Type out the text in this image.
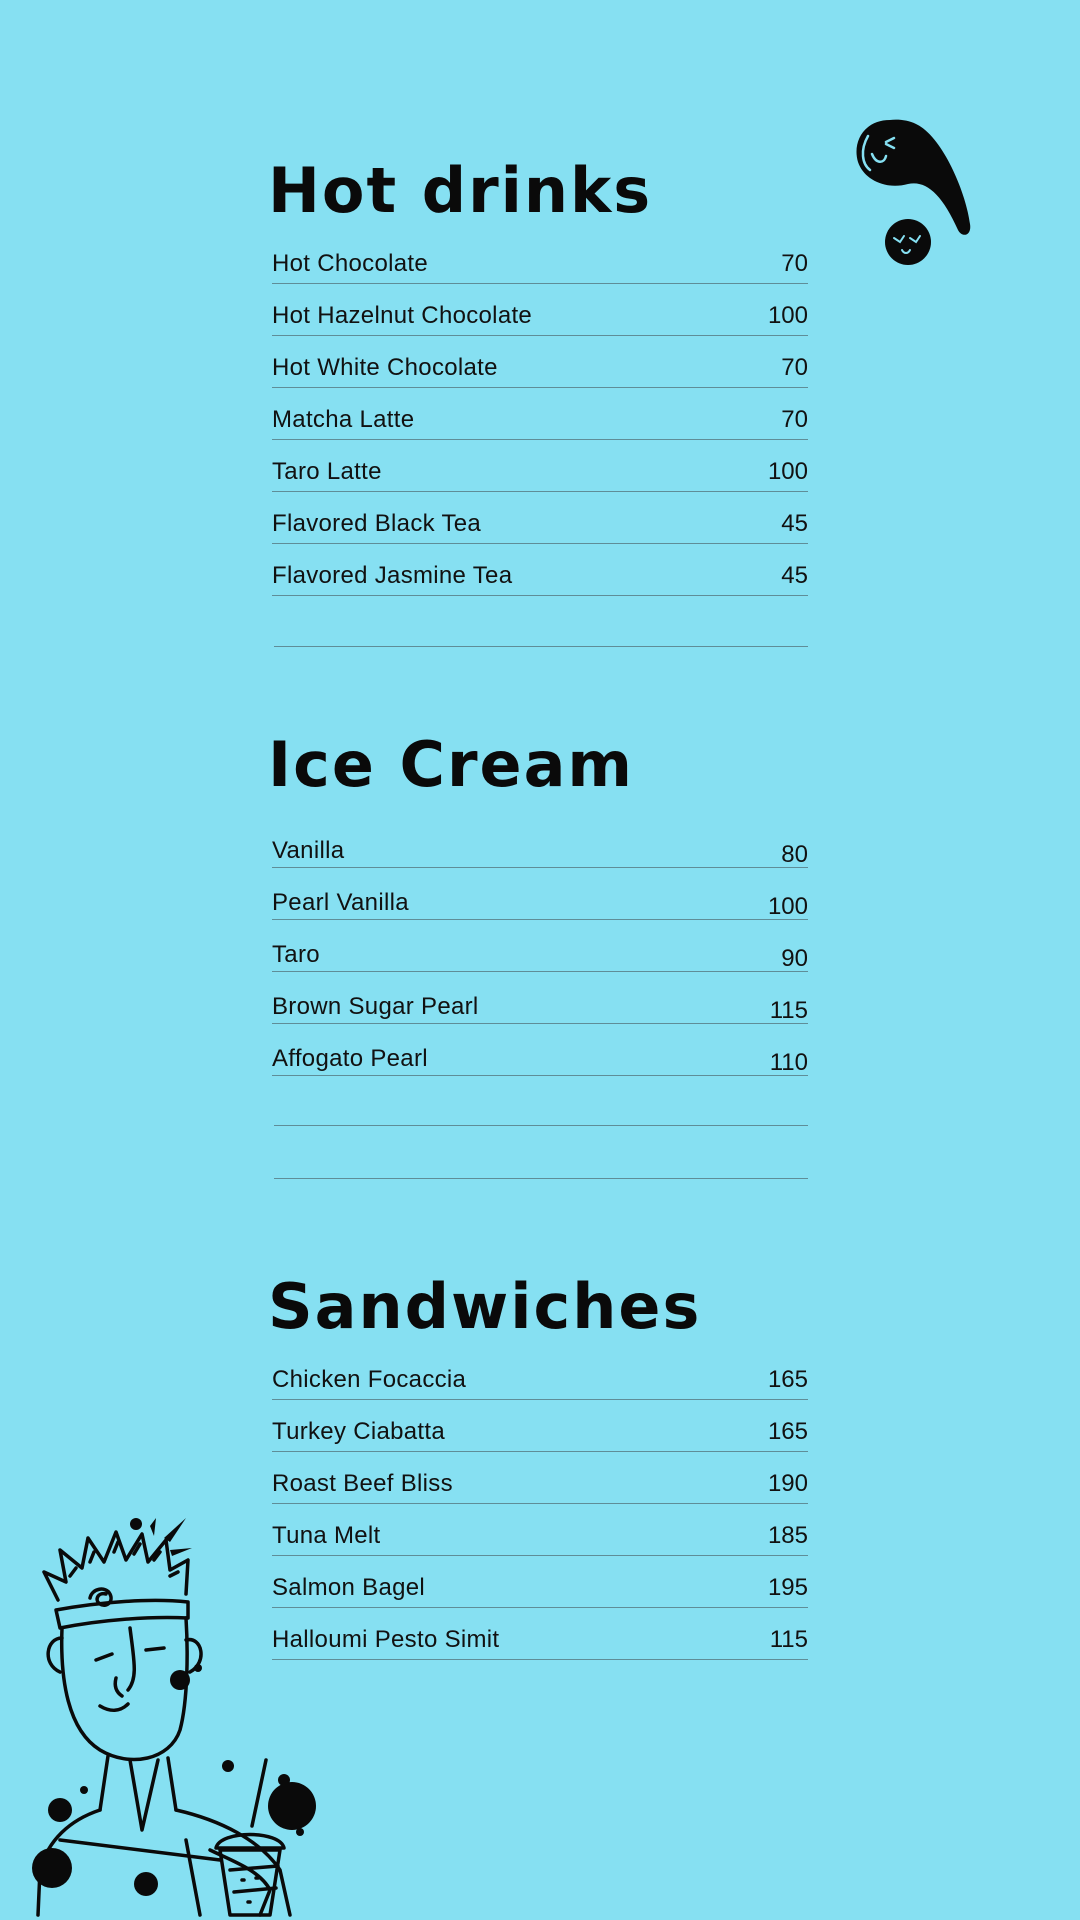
Hot drinks
Hot Chocolate	70
Hot Hazelnut Chocolate	100
Hot White Chocolate	70
Matcha Latte	70
Taro Latte	100
Flavored Black Tea	45
Flavored Jasmine Tea	45
Ice Cream
Vanilla	80
Pearl Vanilla	100
Taro	90
Brown Sugar Pearl	115
Affogato Pearl	110
Sandwiches
Chicken Focaccia	165
Turkey Ciabatta	165
Roast Beef Bliss	190
Tuna Melt	185
Salmon Bagel	195
Halloumi Pesto Simit	115
